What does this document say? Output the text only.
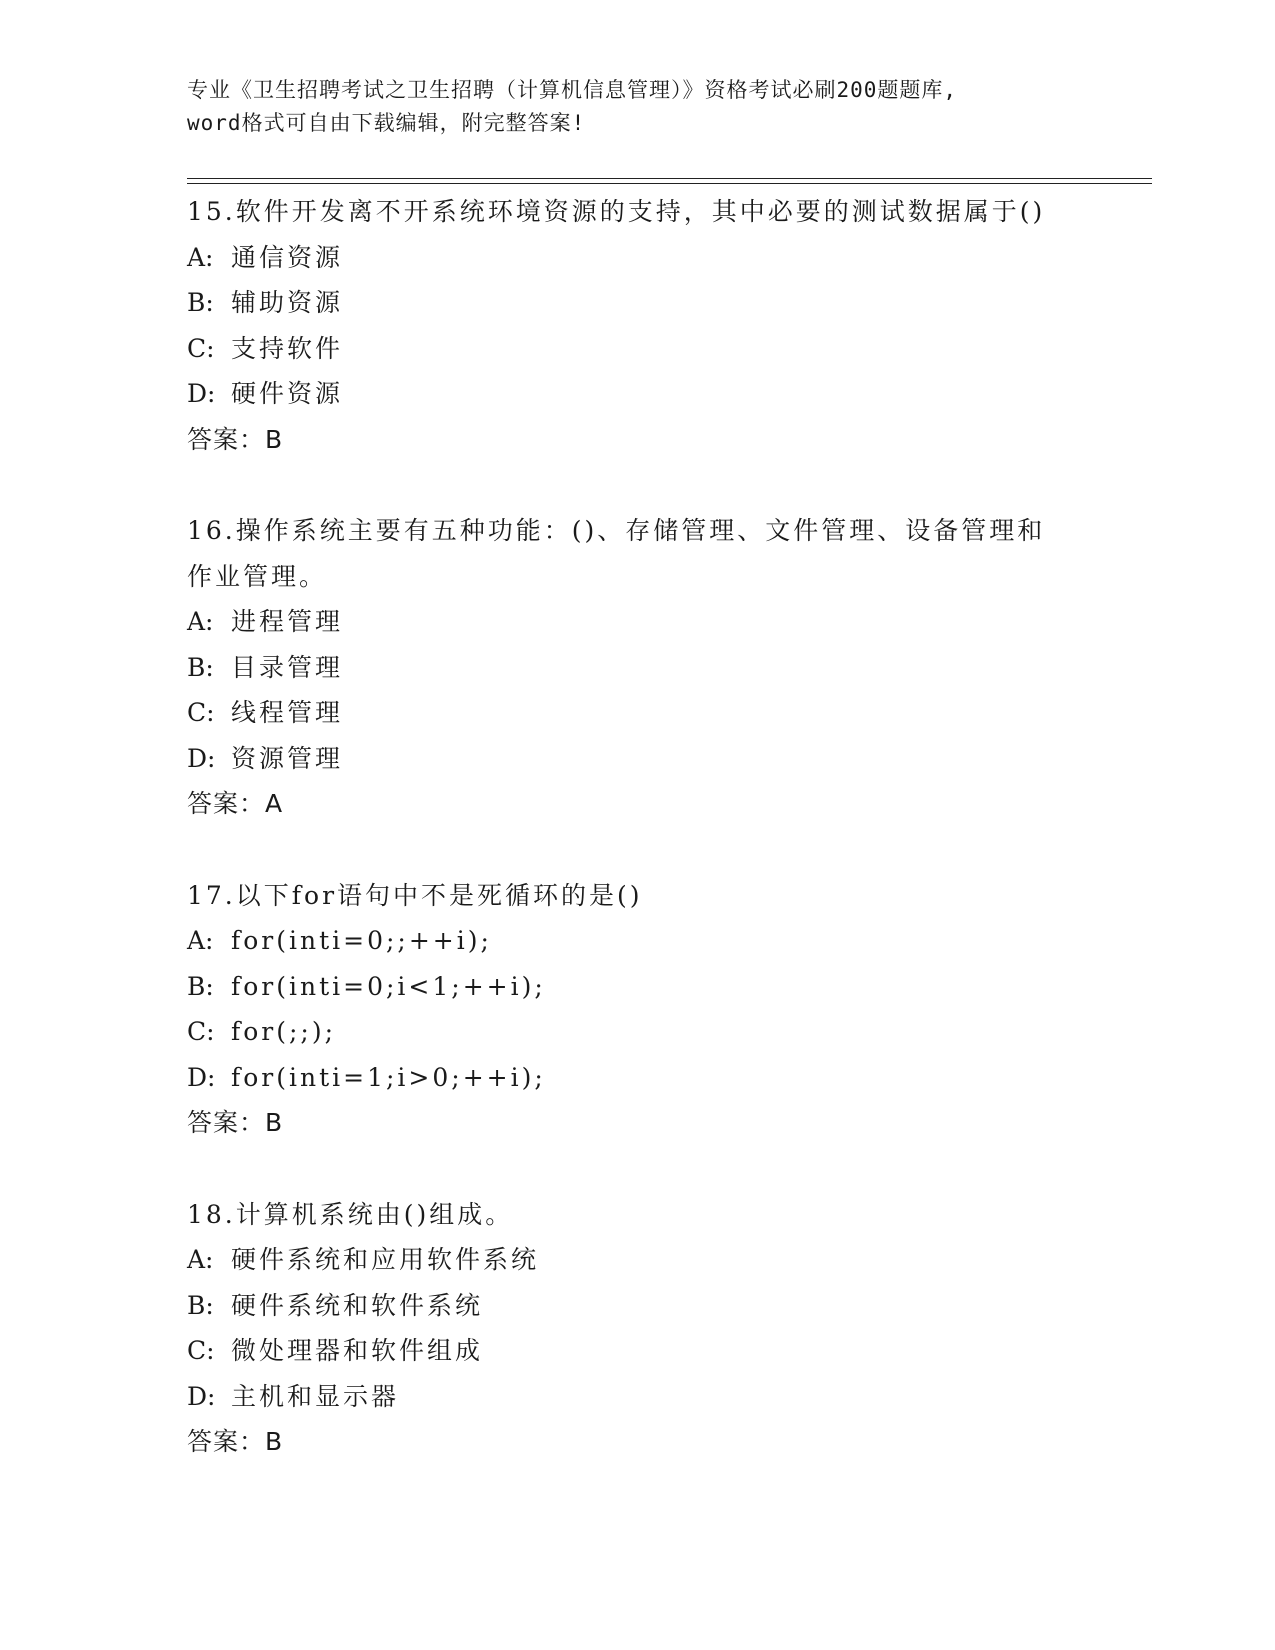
专业《卫生招聘考试之卫生招聘（计算机信息管理）》资格考试必刷200题题库,
word格式可自由下载编辑，附完整答案!
15.软件开发离不开系统环境资源的支持，其中必要的测试数据属于()
A: 通信资源
B: 辅助资源
C: 支持软件
D: 硬件资源
答案：B
16.操作系统主要有五种功能：()、存储管理、文件管理、设备管理和
作业管理。
A: 进程管理
B: 目录管理
C: 线程管理
D: 资源管理
答案：A
17.以下for语句中不是死循环的是()
A: for(inti=0;;++i);
B: for(inti=0;i<1;++i);
C: for(;;);
D: for(inti=1;i>0;++i);
答案：B
18.计算机系统由()组成。
A: 硬件系统和应用软件系统
B: 硬件系统和软件系统
C: 微处理器和软件组成
D: 主机和显示器
答案：B
